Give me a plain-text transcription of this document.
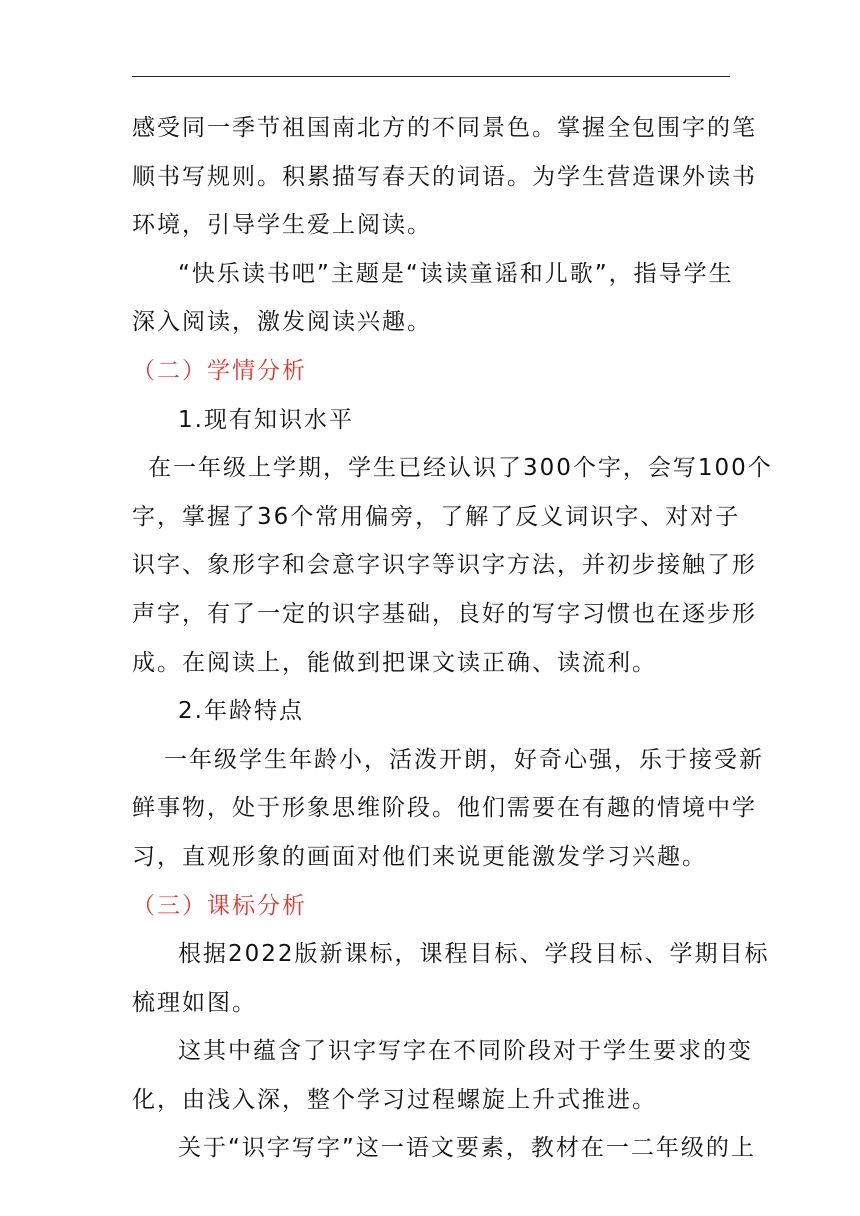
感受同一季节祖国南北方的不同景色。掌握全包围字的笔
顺书写规则。积累描写春天的词语。为学生营造课外读书
环境，引导学生爱上阅读。
“快乐读书吧”主题是“读读童谣和儿歌”，指导学生
深入阅读，激发阅读兴趣。
（二）学情分析
1.现有知识水平
在一年级上学期，学生已经认识了300个字，会写100个
字，掌握了36个常用偏旁，了解了反义词识字、对对子
识字、象形字和会意字识字等识字方法，并初步接触了形
声字，有了一定的识字基础，良好的写字习惯也在逐步形
成。在阅读上，能做到把课文读正确、读流利。
2.年龄特点
一年级学生年龄小，活泼开朗，好奇心强，乐于接受新
鲜事物，处于形象思维阶段。他们需要在有趣的情境中学
习，直观形象的画面对他们来说更能激发学习兴趣。
（三）课标分析
根据2022版新课标，课程目标、学段目标、学期目标
梳理如图。
这其中蕴含了识字写字在不同阶段对于学生要求的变
化，由浅入深，整个学习过程螺旋上升式推进。
关于“识字写字”这一语文要素，教材在一二年级的上
